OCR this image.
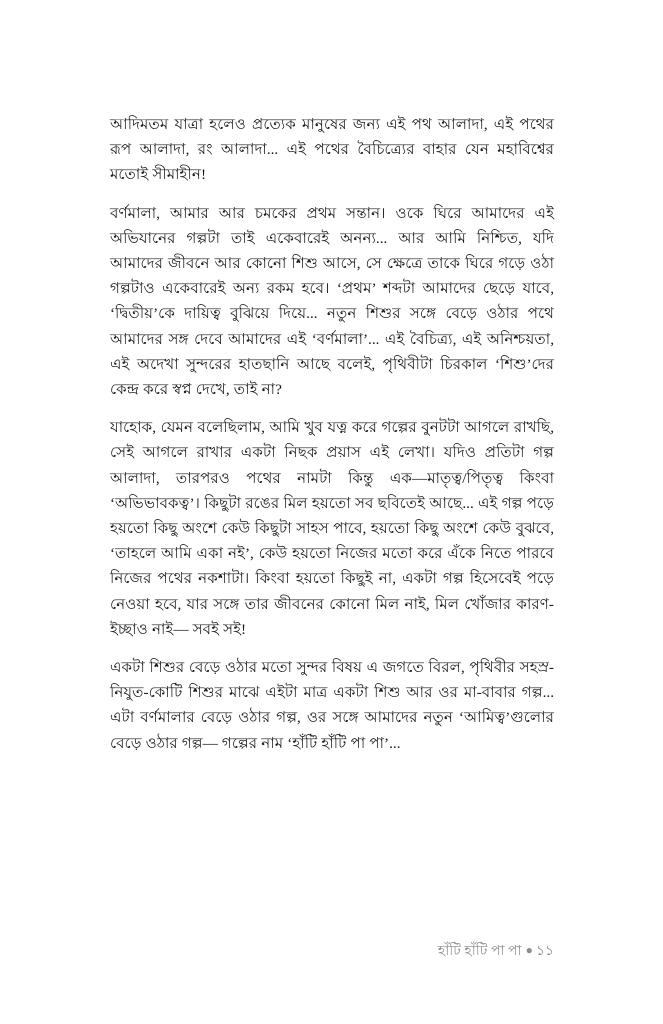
আদিমতম যাত্রা হলেও প্রত্যেক মানুষের জন্য এই পথ আলাদা, এই পথের রূপ আলাদা, রং আলাদা... এই পথের বৈচিত্র্যের বাহার যেন মহাবিশ্বের মতোই সীমাহীন!

বর্ণমালা, আমার আর চমকের প্রথম সন্তান। ওকে ঘিরে আমাদের এই অভিযানের গল্পটা তাই একেবারেই অনন্য... আর আমি নিশ্চিত, যদি আমাদের জীবনে আর কোনো শিশু আসে, সে ক্ষেত্রে তাকে ঘিরে গড়ে ওঠা গল্পটাও একেবারেই অন্য রকম হবে। ‘প্রথম’ শব্দটা আমাদের ছেড়ে যাবে, ‘দ্বিতীয়’কে দায়িত্ব বুঝিয়ে দিয়ে... নতুন শিশুর সঙ্গে বেড়ে ওঠার পথে আমাদের সঙ্গ দেবে আমাদের এই ‘বর্ণমালা’... এই বৈচিত্র্য, এই অনিশ্চয়তা, এই অদেখা সুন্দরের হাতছানি আছে বলেই, পৃথিবীটা চিরকাল ‘শিশু’দের কেন্দ্র করে স্বপ্ন দেখে, তাই না?

যাহোক, যেমন বলেছিলাম, আমি খুব যত্ন করে গল্পের বুনটটা আগলে রাখছি, সেই আগলে রাখার একটা নিছক প্রয়াস এই লেখা। যদিও প্রতিটা গল্প আলাদা, তারপরও পথের নামটা কিন্তু এক—মাতৃত্ব/পিতৃত্ব কিংবা ‘অভিভাবকত্ব’। কিছুটা রঙের মিল হয়তো সব ছবিতেই আছে... এই গল্প পড়ে হয়তো কিছু অংশে কেউ কিছুটা সাহস পাবে, হয়তো কিছু অংশে কেউ বুঝবে, ‘তাহলে আমি একা নই’, কেউ হয়তো নিজের মতো করে এঁকে নিতে পারবে নিজের পথের নকশাটা। কিংবা হয়তো কিছুই না, একটা গল্প হিসেবেই পড়ে নেওয়া হবে, যার সঙ্গে তার জীবনের কোনো মিল নাই, মিল খোঁজার কারণ-ইচ্ছাও নাই— সবই সই!

একটা শিশুর বেড়ে ওঠার মতো সুন্দর বিষয় এ জগতে বিরল, পৃথিবীর সহস্র-নিযুত-কোটি শিশুর মাঝে এইটা মাত্র একটা শিশু আর ওর মা-বাবার গল্প... এটা বর্ণমালার বেড়ে ওঠার গল্প, ওর সঙ্গে আমাদের নতুন ‘আমিত্ব’গুলোর বেড়ে ওঠার গল্প— গল্পের নাম ‘হাঁটি হাঁটি পা পা’...

হাঁটি হাঁটি পা পা ● ১১
